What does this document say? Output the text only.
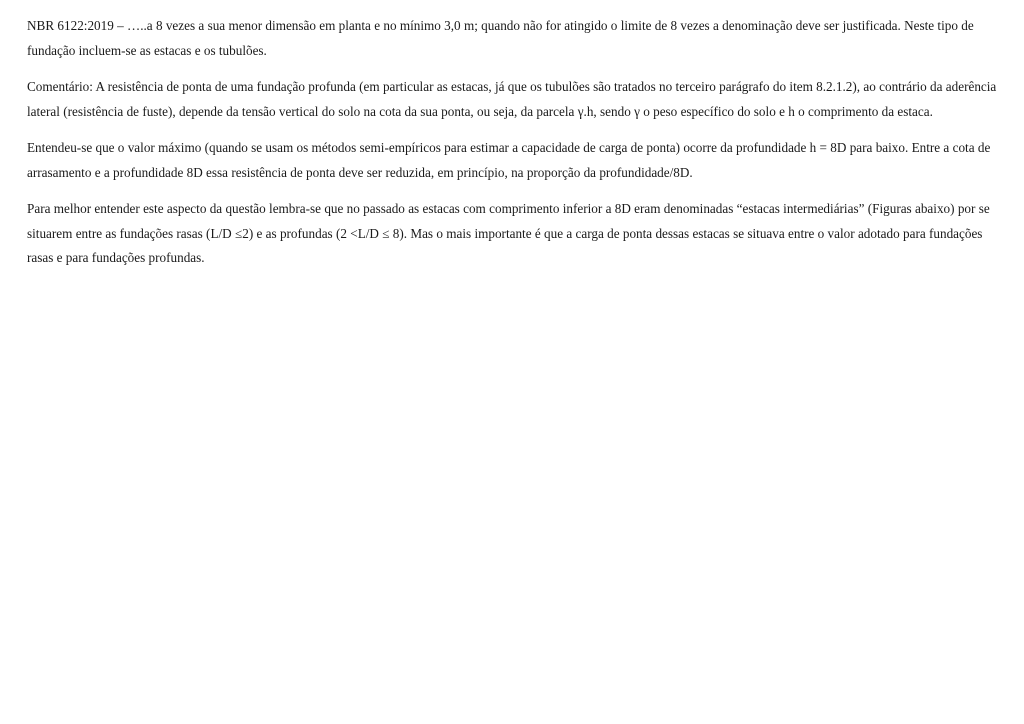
NBR 6122:2019 – …..a 8 vezes a sua menor dimensão em planta e no mínimo 3,0 m; quando não for atingido o limite de 8 vezes a denominação deve ser justificada. Neste tipo de fundação incluem-se as estacas e os tubulões.

Comentário: A resistência de ponta de uma fundação profunda (em particular as estacas, já que os tubulões são tratados no terceiro parágrafo do item 8.2.1.2), ao contrário da aderência lateral (resistência de fuste), depende da tensão vertical do solo na cota da sua ponta, ou seja, da parcela γ.h, sendo γ o peso específico do solo e h o comprimento da estaca.

Entendeu-se que o valor máximo (quando se usam os métodos semi-empíricos para estimar a capacidade de carga de ponta) ocorre da profundidade h = 8D para baixo. Entre a cota de arrasamento e a profundidade 8D essa resistência de ponta deve ser reduzida, em princípio, na proporção da profundidade/8D.

Para melhor entender este aspecto da questão lembra-se que no passado as estacas com comprimento inferior a 8D eram denominadas “estacas intermediárias” (Figuras abaixo) por se situarem entre as fundações rasas (L/D ≤2) e as profundas (2 <L/D ≤ 8). Mas o mais importante é que a carga de ponta dessas estacas se situava entre o valor adotado para fundações rasas e para fundações profundas.
